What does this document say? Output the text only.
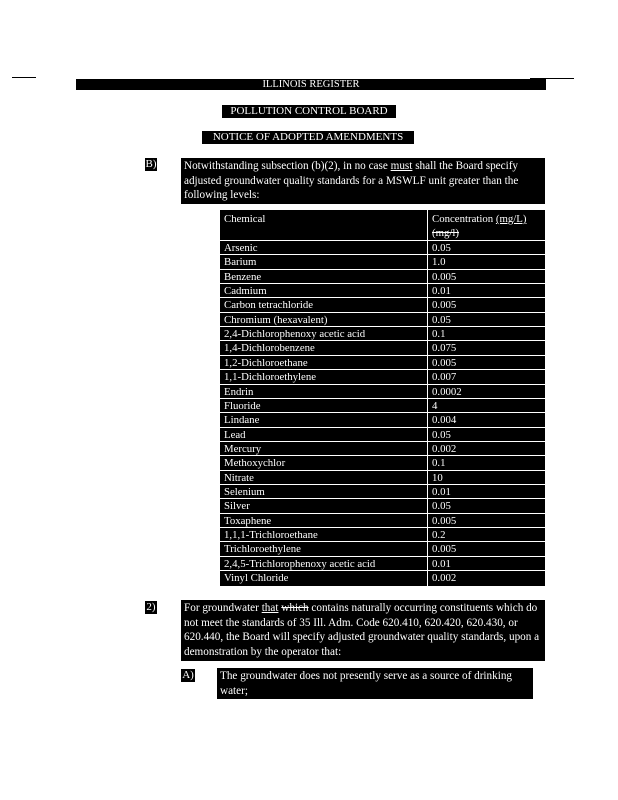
ILLINOIS REGISTER
POLLUTION CONTROL BOARD
NOTICE OF ADOPTED AMENDMENTS
B) Notwithstanding subsection (b)(2), in no case must shall the Board specify adjusted groundwater quality standards for a MSWLF unit greater than the following levels:
Chemical	Concentration (mg/L)
(mg/l)
Arsenic	0.05
Barium	1.0
Benzene	0.005
Cadmium	0.01
Carbon tetrachloride	0.005
Chromium (hexavalent)	0.05
2,4-Dichlorophenoxy acetic acid	0.1
1,4-Dichlorobenzene	0.075
1,2-Dichloroethane	0.005
1,1-Dichloroethylene	0.007
Endrin	0.0002
Fluoride	4
Lindane	0.004
Lead	0.05
Mercury	0.002
Methoxychlor	0.1
Nitrate	10
Selenium	0.01
Silver	0.05
Toxaphene	0.005
1,1,1-Trichloroethane	0.2
Trichloroethylene	0.005
2,4,5-Trichlorophenoxy acetic acid	0.01
Vinyl Chloride	0.002
2)	For groundwater that which contains naturally occurring constituents which do not meet the standards of 35 Ill. Adm. Code 620.410, 620.420, 620.430, or 620.440, the Board will specify adjusted groundwater quality standards, upon a demonstration by the operator that:
A) The groundwater does not presently serve as a source of drinking water;
